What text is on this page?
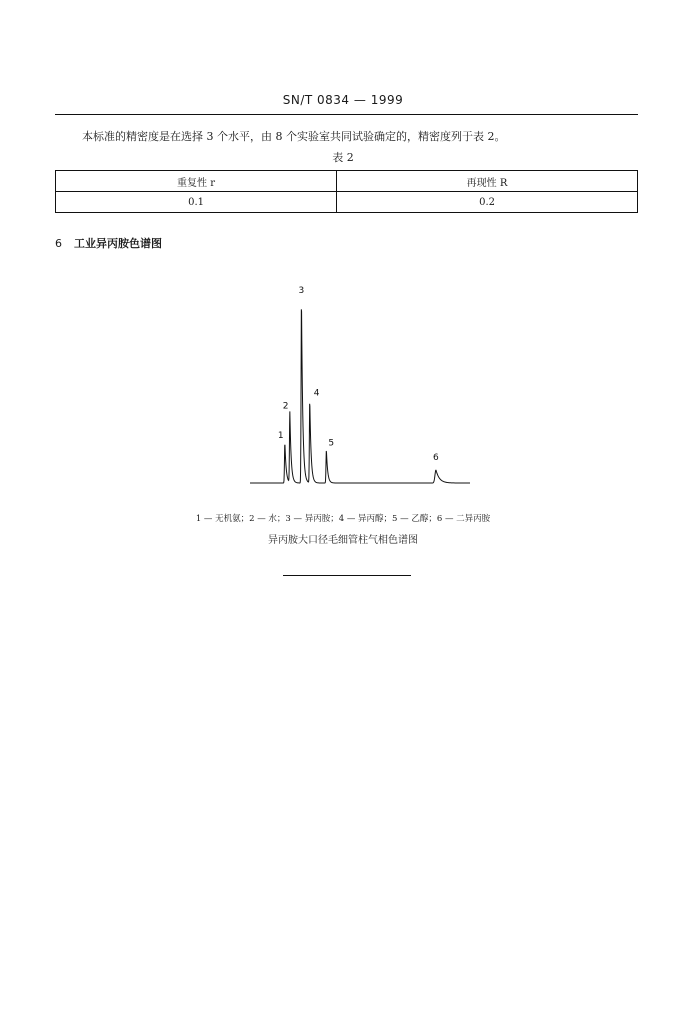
SN/T 0834 — 1999
本标准的精密度是在选择 3 个水平，由 8 个实验室共同试验确定的，精密度列于表 2。
表 2
重复性 r	再现性 R
0.1	0.2
6 工业异丙胺色谱图
1
2
3
4
5
6
1 — 无机氨；2 — 水；3 — 异丙胺；4 — 异丙醇；5 — 乙醇；6 — 二异丙胺
异丙胺大口径毛细管柱气相色谱图
